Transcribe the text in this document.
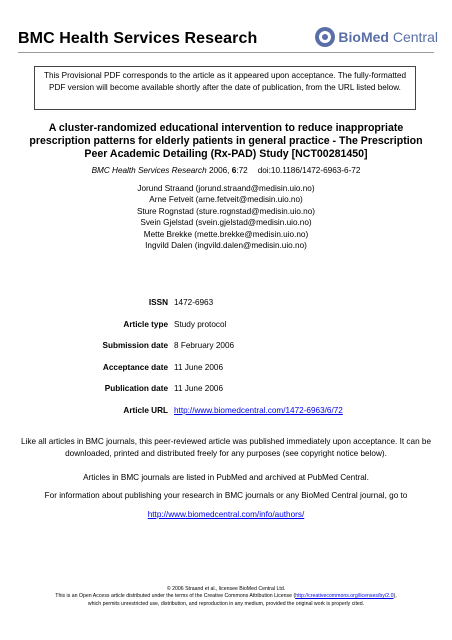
BMC Health Services Research	BioMed Central
This Provisional PDF corresponds to the article as it appeared upon acceptance. The fully-formatted PDF version will become available shortly after the date of publication, from the URL listed below.
A cluster-randomized educational intervention to reduce inappropriate prescription patterns for elderly patients in general practice - The Prescription Peer Academic Detailing (Rx-PAD) Study [NCT00281450]
BMC Health Services Research 2006, 6:72 doi:10.1186/1472-6963-6-72
Jorund Straand (jorund.straand@medisin.uio.no)
Arne Fetveit (arne.fetveit@medisin.uio.no)
Sture Rognstad (sture.rognstad@medisin.uio.no)
Svein Gjelstad (svein.gjelstad@medisin.uio.no)
Mette Brekke (mette.brekke@medisin.uio.no)
Ingvild Dalen (ingvild.dalen@medisin.uio.no)
ISSN	1472-6963
Article type	Study protocol
Submission date	8 February 2006
Acceptance date	11 June 2006
Publication date	11 June 2006
Article URL	http://www.biomedcentral.com/1472-6963/6/72
Like all articles in BMC journals, this peer-reviewed article was published immediately upon acceptance. It can be downloaded, printed and distributed freely for any purposes (see copyright notice below).
Articles in BMC journals are listed in PubMed and archived at PubMed Central.
For information about publishing your research in BMC journals or any BioMed Central journal, go to
http://www.biomedcentral.com/info/authors/
© 2006 Straand et al., licensee BioMed Central Ltd.
This is an Open Access article distributed under the terms of the Creative Commons Attribution License (http://creativecommons.org/licenses/by/2.0),
which permits unrestricted use, distribution, and reproduction in any medium, provided the original work is properly cited.
